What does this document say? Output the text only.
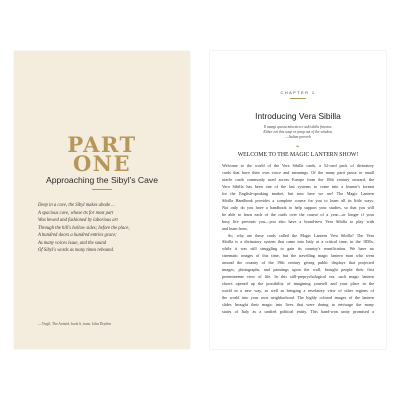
PART
ONE
Approaching the Sibyl's Cave
Deep in a cave, the Sibyl makes abode ...
A spacious cave, whose tts for most part
Was hewed and fashioned by laborious art
Through the hill's hollow sides; before the place,
A hundred doors a hundred entries grace;
As many voices issue, and the sound
Of Sibyl's words as many times rebound.
—Virgil, The Aeneid, book 6, trans. John Dryden
CHAPTER 1
Introducing Vera Sibilla
Il mangi questa minestra o salti dalla finestra.
Either eat this soup or jump out of the window.
—Italian proverb
❧
WELCOME TO THE MAGIC LANTERN SHOW!
Welcome to the world of the Vera Sibilla cards, a 52-card pack of divinatory
cards that have their own voice and meanings. Of the many parti pusse or small
oracle cards commonly used across Europe from the 18th century onward, the
Vera Sibilla has been one of the last systems to come into a learner's format
for the English-speaking market, but now here we are! The Magic Lantern
Sibilla Handbook provides a complete course for you to learn all its little ways.
Not only do you have a handbook to help support your studies, so that you will
be able to learn each of the cards over the course of a year—or longer if your
busy life prevents you—you also have a brand-new Vera Sibilla to play with
and learn from.
So, why are these cards called the Magic Lantern Vera Sibilla? The Vera
Sibilla is a divinatory system that came into Italy at a critical time, in the 1850s,
while it was still struggling to gain its country's reunification. We have no
cinematic images of this time, but the travelling magic lantern man who went
around the country of the 19th century giving public displays that projected
images, photographs, and paintings upon the wall, brought people their first
preeminemte view of life. In this still-preprychological era, such magic lantern
shows opened up the possibility of imagining yourself and your place in the
world in a new way, as well as bringing a revelatory view of other regions of
the world into your own neighborhood. The highly colored images of the lantern
slides brought their magic into lives that were daring to envisage the many
states of Italy as a unified political entity. This hand-won unity promised a
